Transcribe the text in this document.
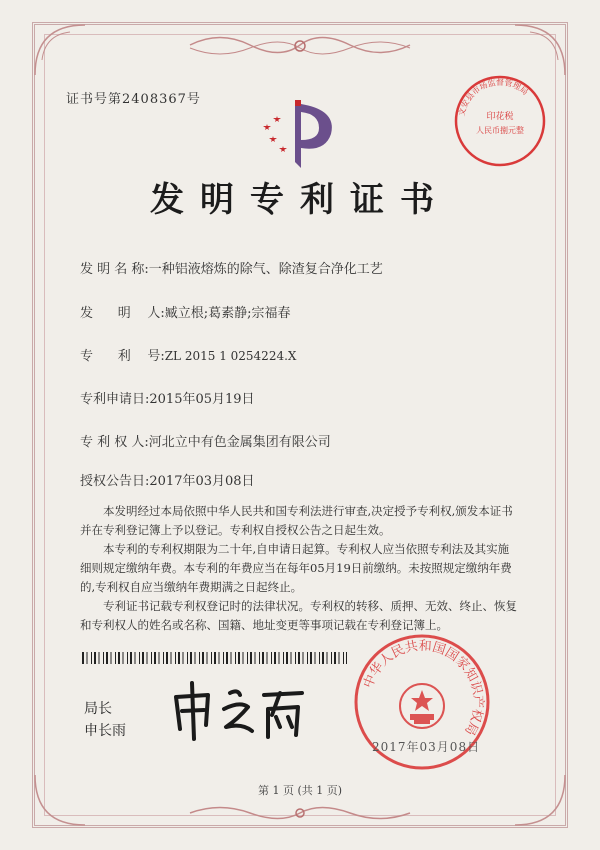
证书号第2408367号
发明专利证书
发 明 名 称:一种铝液熔炼的除气、除渣复合净化工艺
发      明    人:臧立根;葛素静;宗福春
专      利    号:ZL 2015 1 0254224.X
专利申请日:2015年05月19日
专 利 权 人:河北立中有色金属集团有限公司
授权公告日:2017年03月08日

本发明经过本局依照中华人民共和国专利法进行审查,决定授予专利权,颁发本证书并在专利登记簿上予以登记。专利权自授权公告之日起生效。

本专利的专利权期限为二十年,自申请日起算。专利权人应当依照专利法及其实施细则规定缴纳年费。本专利的年费应当在每年05月19日前缴纳。未按照规定缴纳年费的,专利权自应当缴纳年费期满之日起终止。

专利证书记载专利权登记时的法律状况。专利权的转移、质押、无效、终止、恢复和专利权人的姓名或名称、国籍、地址变更等事项记载在专利登记簿上。

局长
申长雨
文安县市场监督管理局
印花税
人民币捌元整
中华人民共和国国家知识产权局
2017年03月08日
第 1 页 (共 1 页)
